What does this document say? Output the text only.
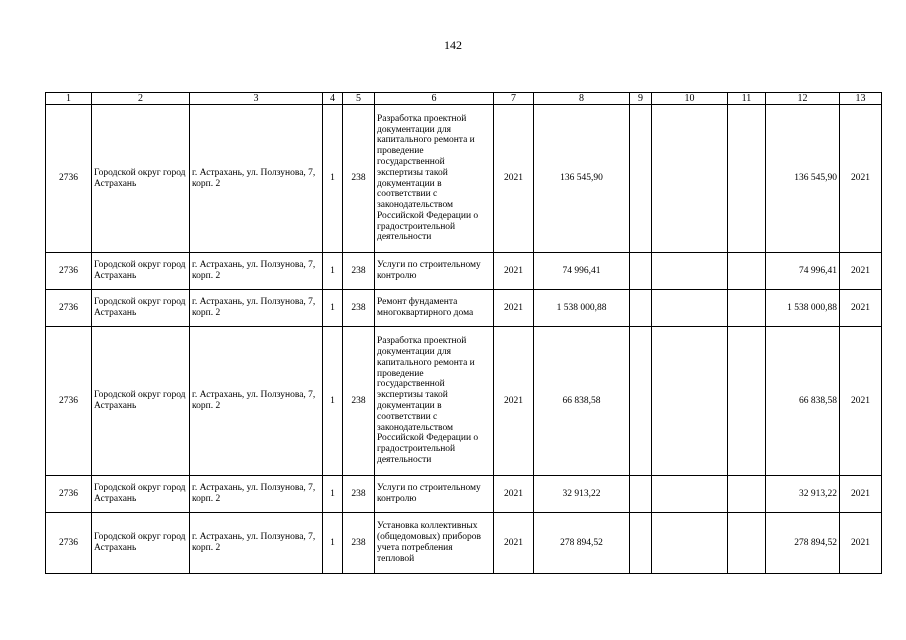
142
1	2	3	4	5	6	7	8	9	10	11	12	13
2736	Городской округ город Астрахань	г. Астрахань, ул. Ползунова, 7, корп. 2	1	238	Разработка проектной документации для капитального ремонта и проведение государственной экспертизы такой документации в соответствии с законодательством Российской Федерации о градостроительной деятельности	2021	136 545,90				136 545,90	2021
2736	Городской округ город Астрахань	г. Астрахань, ул. Ползунова, 7, корп. 2	1	238	Услуги по строительному контролю	2021	74 996,41				74 996,41	2021
2736	Городской округ город Астрахань	г. Астрахань, ул. Ползунова, 7, корп. 2	1	238	Ремонт фундамента многоквартирного дома	2021	1 538 000,88				1 538 000,88	2021
2736	Городской округ город Астрахань	г. Астрахань, ул. Ползунова, 7, корп. 2	1	238	Разработка проектной документации для капитального ремонта и проведение государственной экспертизы такой документации в соответствии с законодательством Российской Федерации о градостроительной деятельности	2021	66 838,58				66 838,58	2021
2736	Городской округ город Астрахань	г. Астрахань, ул. Ползунова, 7, корп. 2	1	238	Услуги по строительному контролю	2021	32 913,22				32 913,22	2021
2736	Городской округ город Астрахань	г. Астрахань, ул. Ползунова, 7, корп. 2	1	238	Установка коллективных (общедомовых) приборов учета потребления тепловой	2021	278 894,52				278 894,52	2021
